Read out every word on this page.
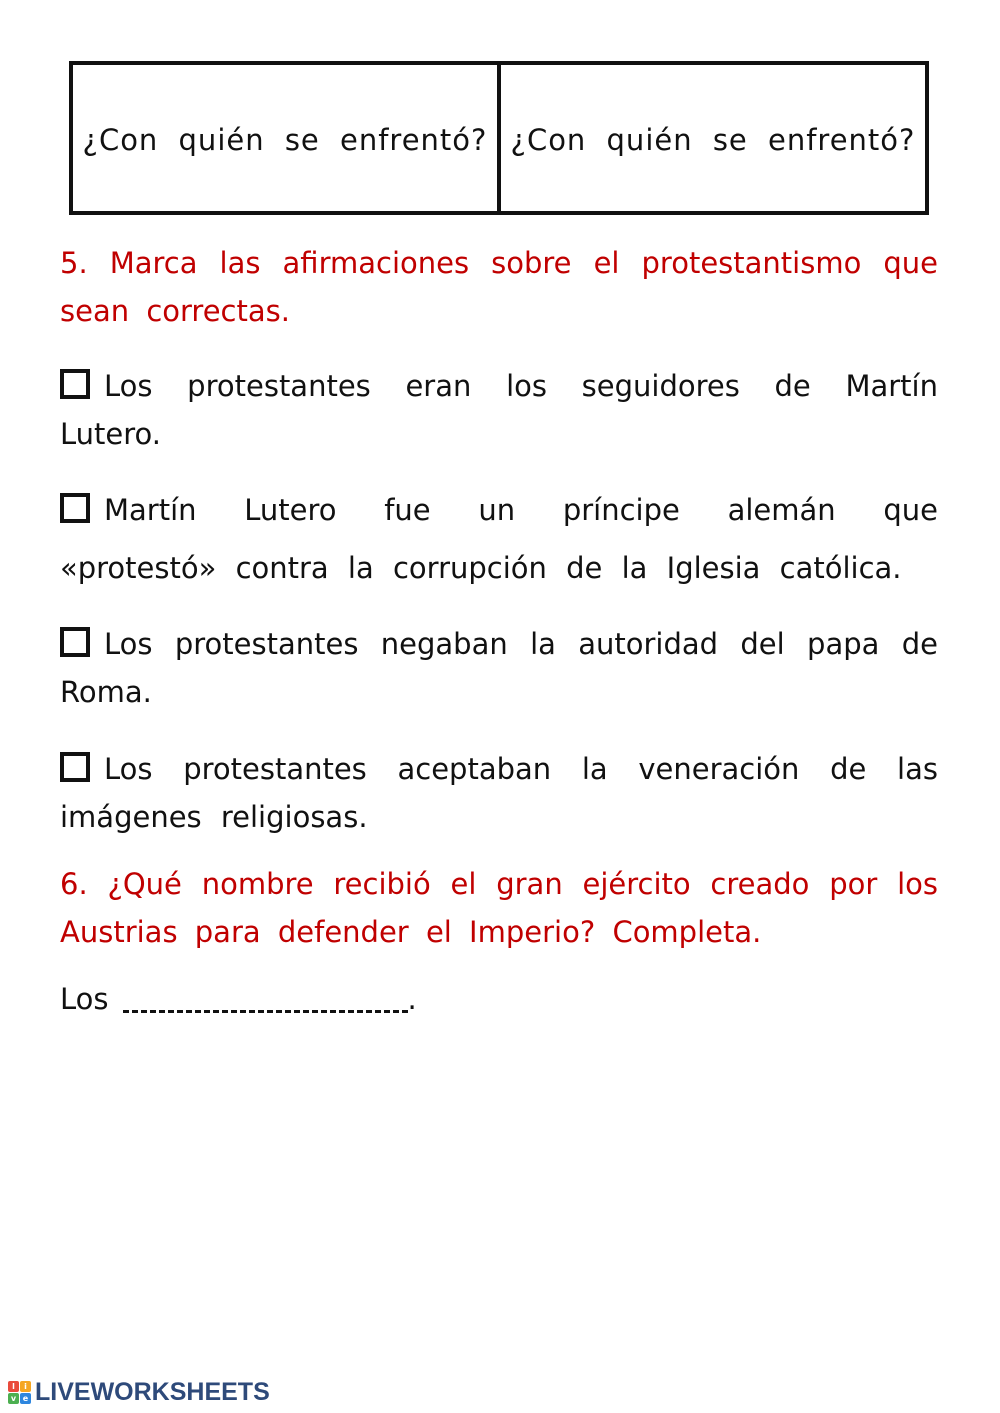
¿Con quién se enfrentó? ¿Con quién se enfrentó?
5. Marca las afirmaciones sobre el protestantismo que sean correctas.
Los protestantes eran los seguidores de Martín Lutero.
Martín Lutero fue un príncipe alemán que «protestó» contra la corrupción de la Iglesia católica.
Los protestantes negaban la autoridad del papa de Roma.
Los protestantes aceptaban la veneración de las imágenes religiosas.
6. ¿Qué nombre recibió el gran ejército creado por los Austrias para defender el Imperio? Completa.
Los	.
l	i
v e LIVEWORKSHEETS
